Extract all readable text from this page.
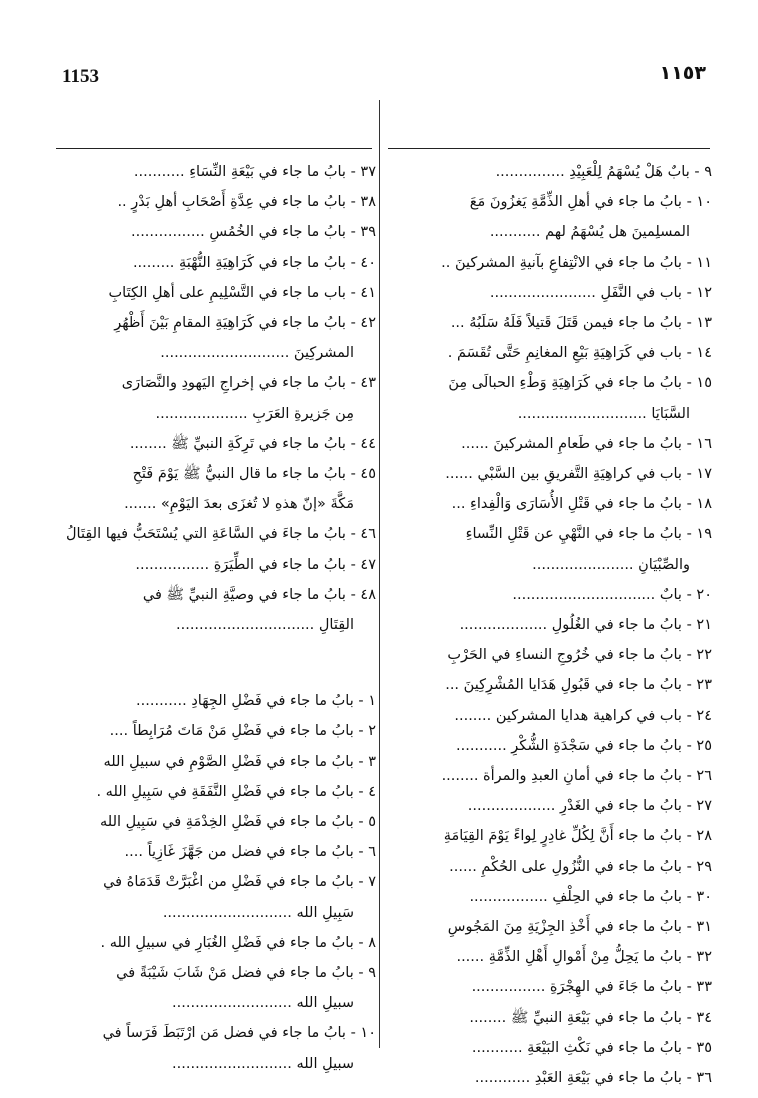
1153	١١٥٣
٩ - بابٌ هَلْ يُسْهَمُ لِلْعَبِيْدِ ...............
١٠ - بابُ ما جاء في أهلِ الذِّمَّةِ يَغزُونَ مَعَ
المسلِمينَ هل يُسْهَمُ لهم ...........
١١ - بابُ ما جاء في الانْتِفاعِ بآنيةِ المشركينَ ..
١٢ - باب في النَّفَلِ .......................
١٣ - بابُ ما جاء فيمن قَتَلَ قَتيلاً فَلَهُ سَلَبُهُ ...
١٤ - باب في كَرَاهِيَةِ بَيْعِ المغانِمِ حَتَّى تُقَسَمَ .
١٥ - بابُ ما جاء في كَرَاهِيَةِ وَطْءِ الحبالَى مِنَ
السَّبَايَا ............................
١٦ - بابُ ما جاء في طَعامِ المشركينَ ......
١٧ - باب في كراهِيَةِ التَّفريقِ بين السَّبْي ......
١٨ - بابُ ما جاء في قَتْلِ الأُسَارَى وَالْفِداءِ ...
١٩ - بابُ ما جاء في النَّهْيِ عن قَتْلِ النِّساءِ
والصِّبْيَانِ ......................
٢٠ - بابٌ ...............................
٢١ - بابُ ما جاء في الغُلُولِ ...................
٢٢ - بابُ ما جاء في خُرُوجِ النساءِ في الحَرْبِ
٢٣ - بابُ ما جاء في قَبُولِ هَدَايا المُشْرِكِينَ ...
٢٤ - باب في كراهية هدايا المشركين ........
٢٥ - بابُ ما جاء في سَجْدَةِ الشُّكْرِ ...........
٢٦ - بابُ ما جاء في أمانِ العبدِ والمرأة ........
٢٧ - بابُ ما جاء في الغَدْرِ ...................
٢٨ - بابُ ما جاء أَنَّ لِكُلِّ غادِرٍ لِواءً يَوْمَ القِيَامَةِ
٢٩ - بابُ ما جاء في النُّزُولِ على الحُكْمِ ......
٣٠ - بابُ ما جاء في الحِلْفِ .................
٣١ - بابُ ما جاء في أَخْذِ الجِزْيَةِ مِنَ المَجُوسِ
٣٢ - بابُ ما يَحِلُّ مِنْ أَمْوالِ أَهْلِ الذِّمَّةِ ......
٣٣ - بابُ ما جَاءَ في الهِجْرَةِ ................
٣٤ - بابُ ما جاء في بَيْعَةِ النبيِّ ﷺ ........
٣٥ - بابُ ما جاء في نَكْثِ البَيْعَةِ ...........
٣٦ - بابُ ما جاء في بَيْعَةِ العَبْدِ ............
٣٧ - بابُ ما جاء في بَيْعَةِ النِّسَاءِ ...........
٣٨ - بابُ ما جاء في عِدَّةِ أَصْحَابِ أهلِ بَدْرٍ ..
٣٩ - بابُ ما جاء في الخُمُسِ ................
٤٠ - بابُ ما جاء في كَرَاهِيَةِ النُّهْبَةِ .........
٤١ - باب ما جاء في التَّسْلِيمِ على أهلِ الكِتَابِ
٤٢ - بابُ ما جاء في كَرَاهِيَةِ المقامِ بَيْنَ أَظْهُرِ
المشركِينَ ............................
٤٣ - بابُ ما جاء في إخراجِ اليَهودِ والنَّصَارَى
مِن جَزيرةِ العَرَبِ ....................
٤٤ - بابُ ما جاء في تَرِكَةِ النبيِّ ﷺ ........
٤٥ - بابُ ما جاء ما قال النبيُّ ﷺ يَوْمَ فَتْحِ
مَكَّةَ «إنّ هذهِ لا تُغزَى بعدَ اليَوْمِ» .......
٤٦ - بابُ ما جاءَ في السَّاعَةِ التي يُسْتَحَبُّ فيها القِتَالُ
٤٧ - بابُ ما جاء في الطِّيَرَةِ ................
٤٨ - بابُ ما جاء في وصيَّةِ النبيِّ ﷺ في
القِتَالِ ..............................
١ - بابُ ما جاء في فَضْلِ الجِهَادِ ...........
٢ - بابُ ما جاء في فَضْلِ مَنْ مَاتَ مُرَابِطاً ....
٣ - بابُ ما جاء في فَضْلِ الصَّوْمِ في سبيلِ الله
٤ - بابُ ما جاء في فَضْلِ النَّفَقَةِ في سَبِيلِ الله .
٥ - بابُ ما جاء في فَضْلِ الخِدْمَةِ في سَبِيلِ الله
٦ - بابُ ما جاء في فضل من جَهَّزَ غَازِياً ....
٧ - بابُ ما جاء في فَضْلِ من اغْبَرَّتْ قَدَمَاهُ في
سَبِيلِ الله ............................
٨ - بابُ ما جاء في فَضْلِ الغُبَارِ في سبيلِ الله .
٩ - بابُ ما جاء في فضل مَنْ شَابَ شَيْبَةً في
سبيلِ الله ..........................
١٠ - بابُ ما جاء في فضل مَن ارْتَبَطَ فَرَساً في
سبيلِ الله ..........................
